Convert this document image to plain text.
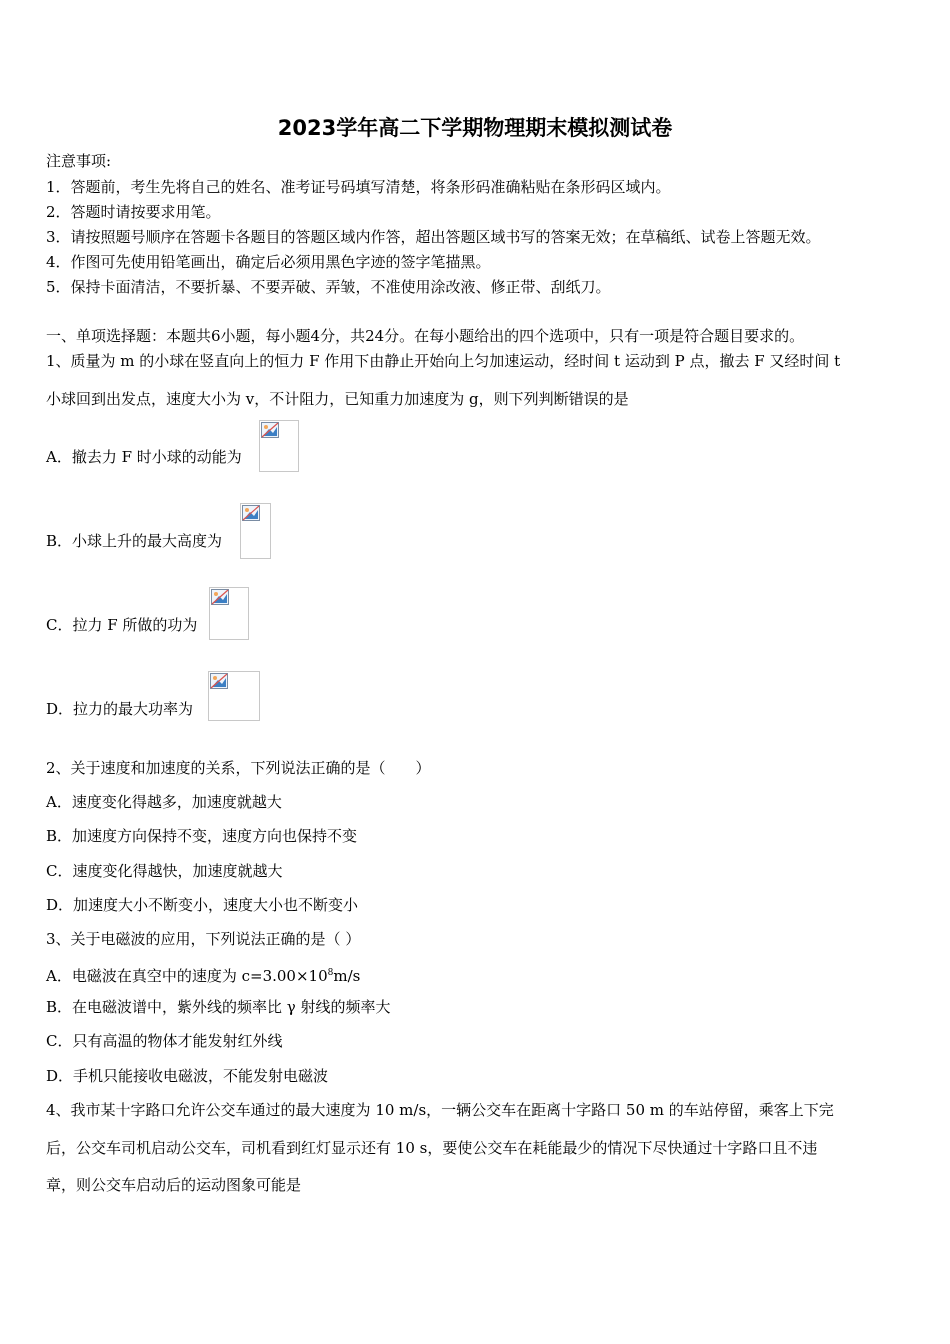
2023学年高二下学期物理期末模拟测试卷
注意事项:
1．答题前，考生先将自己的姓名、准考证号码填写清楚，将条形码准确粘贴在条形码区域内。
2．答题时请按要求用笔。
3．请按照题号顺序在答题卡各题目的答题区域内作答，超出答题区域书写的答案无效；在草稿纸、试卷上答题无效。
4．作图可先使用铅笔画出，确定后必须用黑色字迹的签字笔描黑。
5．保持卡面清洁，不要折暴、不要弄破、弄皱，不准使用涂改液、修正带、刮纸刀。
一、单项选择题：本题共6小题，每小题4分，共24分。在每小题给出的四个选项中，只有一项是符合题目要求的。
1、质量为 m 的小球在竖直向上的恒力 F 作用下由静止开始向上匀加速运动，经时间 t 运动到 P 点，撤去 F 又经时间 t
小球回到出发点，速度大小为 v，不计阻力，已知重力加速度为 g，则下列判断错误的是
A．撤去力 F 时小球的动能为
B．小球上升的最大高度为
C．拉力 F 所做的功为
D．拉力的最大功率为
2、关于速度和加速度的关系，下列说法正确的是（　　）
A．速度变化得越多，加速度就越大
B．加速度方向保持不变，速度方向也保持不变
C．速度变化得越快，加速度就越大
D．加速度大小不断变小，速度大小也不断变小
3、关于电磁波的应用，下列说法正确的是（ ）
A．电磁波在真空中的速度为 $c=3.00\times 10^8m/s$
B．在电磁波谱中，紫外线的频率比 γ 射线的频率大
C．只有高温的物体才能发射红外线
D．手机只能接收电磁波，不能发射电磁波
4、我市某十字路口允许公交车通过的最大速度为 10 m/s，一辆公交车在距离十字路口 50 m 的车站停留，乘客上下完
后，公交车司机启动公交车，司机看到红灯显示还有 10 s，要使公交车在耗能最少的情况下尽快通过十字路口且不违
章，则公交车启动后的运动图象可能是
